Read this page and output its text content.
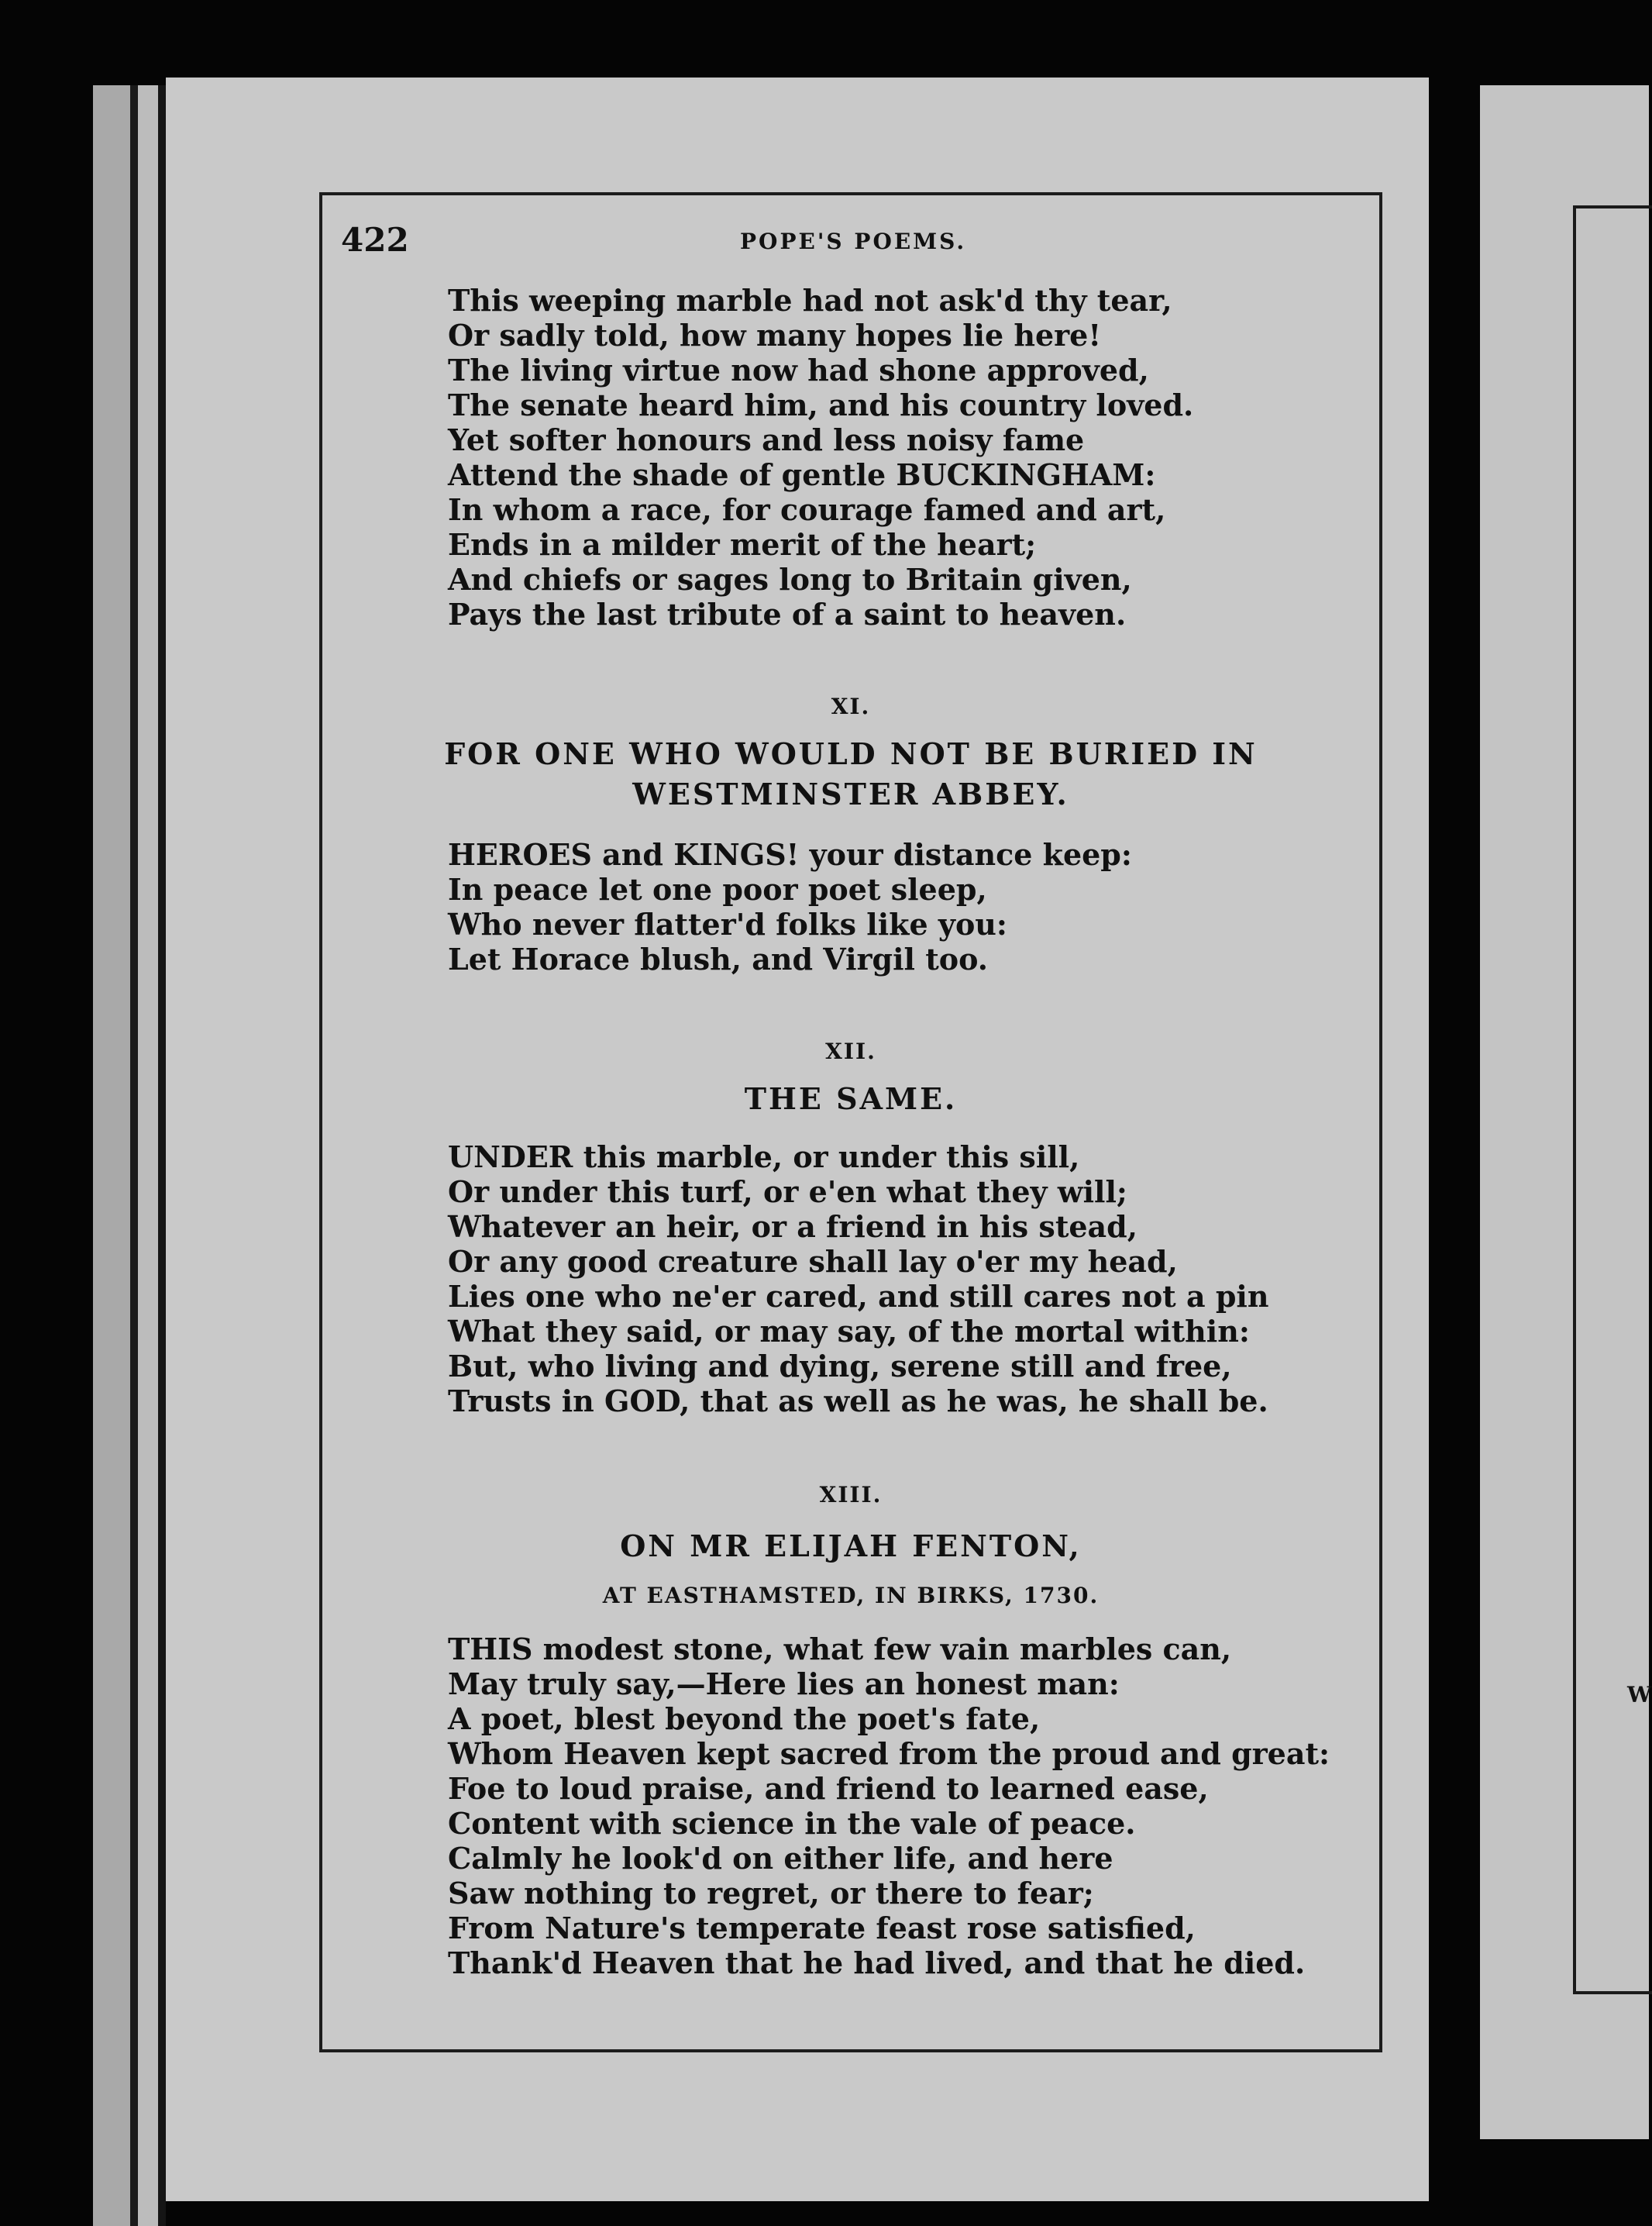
W
422	POPE'S POEMS.
This weeping marble had not ask'd thy tear,
Or sadly told, how many hopes lie here!
The living virtue now had shone approved,
The senate heard him, and his country loved.
Yet softer honours and less noisy fame
Attend the shade of gentle BUCKINGHAM:
In whom a race, for courage famed and art,
Ends in a milder merit of the heart;
And chiefs or sages long to Britain given,
Pays the last tribute of a saint to heaven.
XI.
FOR ONE WHO WOULD NOT BE BURIED IN
WESTMINSTER ABBEY.
HEROES and KINGS! your distance keep:
In peace let one poor poet sleep,
Who never flatter'd folks like you:
Let Horace blush, and Virgil too.
XII.
THE SAME.
UNDER this marble, or under this sill,
Or under this turf, or e'en what they will;
Whatever an heir, or a friend in his stead,
Or any good creature shall lay o'er my head,
Lies one who ne'er cared, and still cares not a pin
What they said, or may say, of the mortal within:
But, who living and dying, serene still and free,
Trusts in GOD, that as well as he was, he shall be.
XIII.
ON MR ELIJAH FENTON,
AT EASTHAMSTED, IN BIRKS, 1730.
THIS modest stone, what few vain marbles can,
May truly say,—Here lies an honest man:
A poet, blest beyond the poet's fate,
Whom Heaven kept sacred from the proud and great:
Foe to loud praise, and friend to learned ease,
Content with science in the vale of peace.
Calmly he look'd on either life, and here
Saw nothing to regret, or there to fear;
From Nature's temperate feast rose satisfied,
Thank'd Heaven that he had lived, and that he died.
